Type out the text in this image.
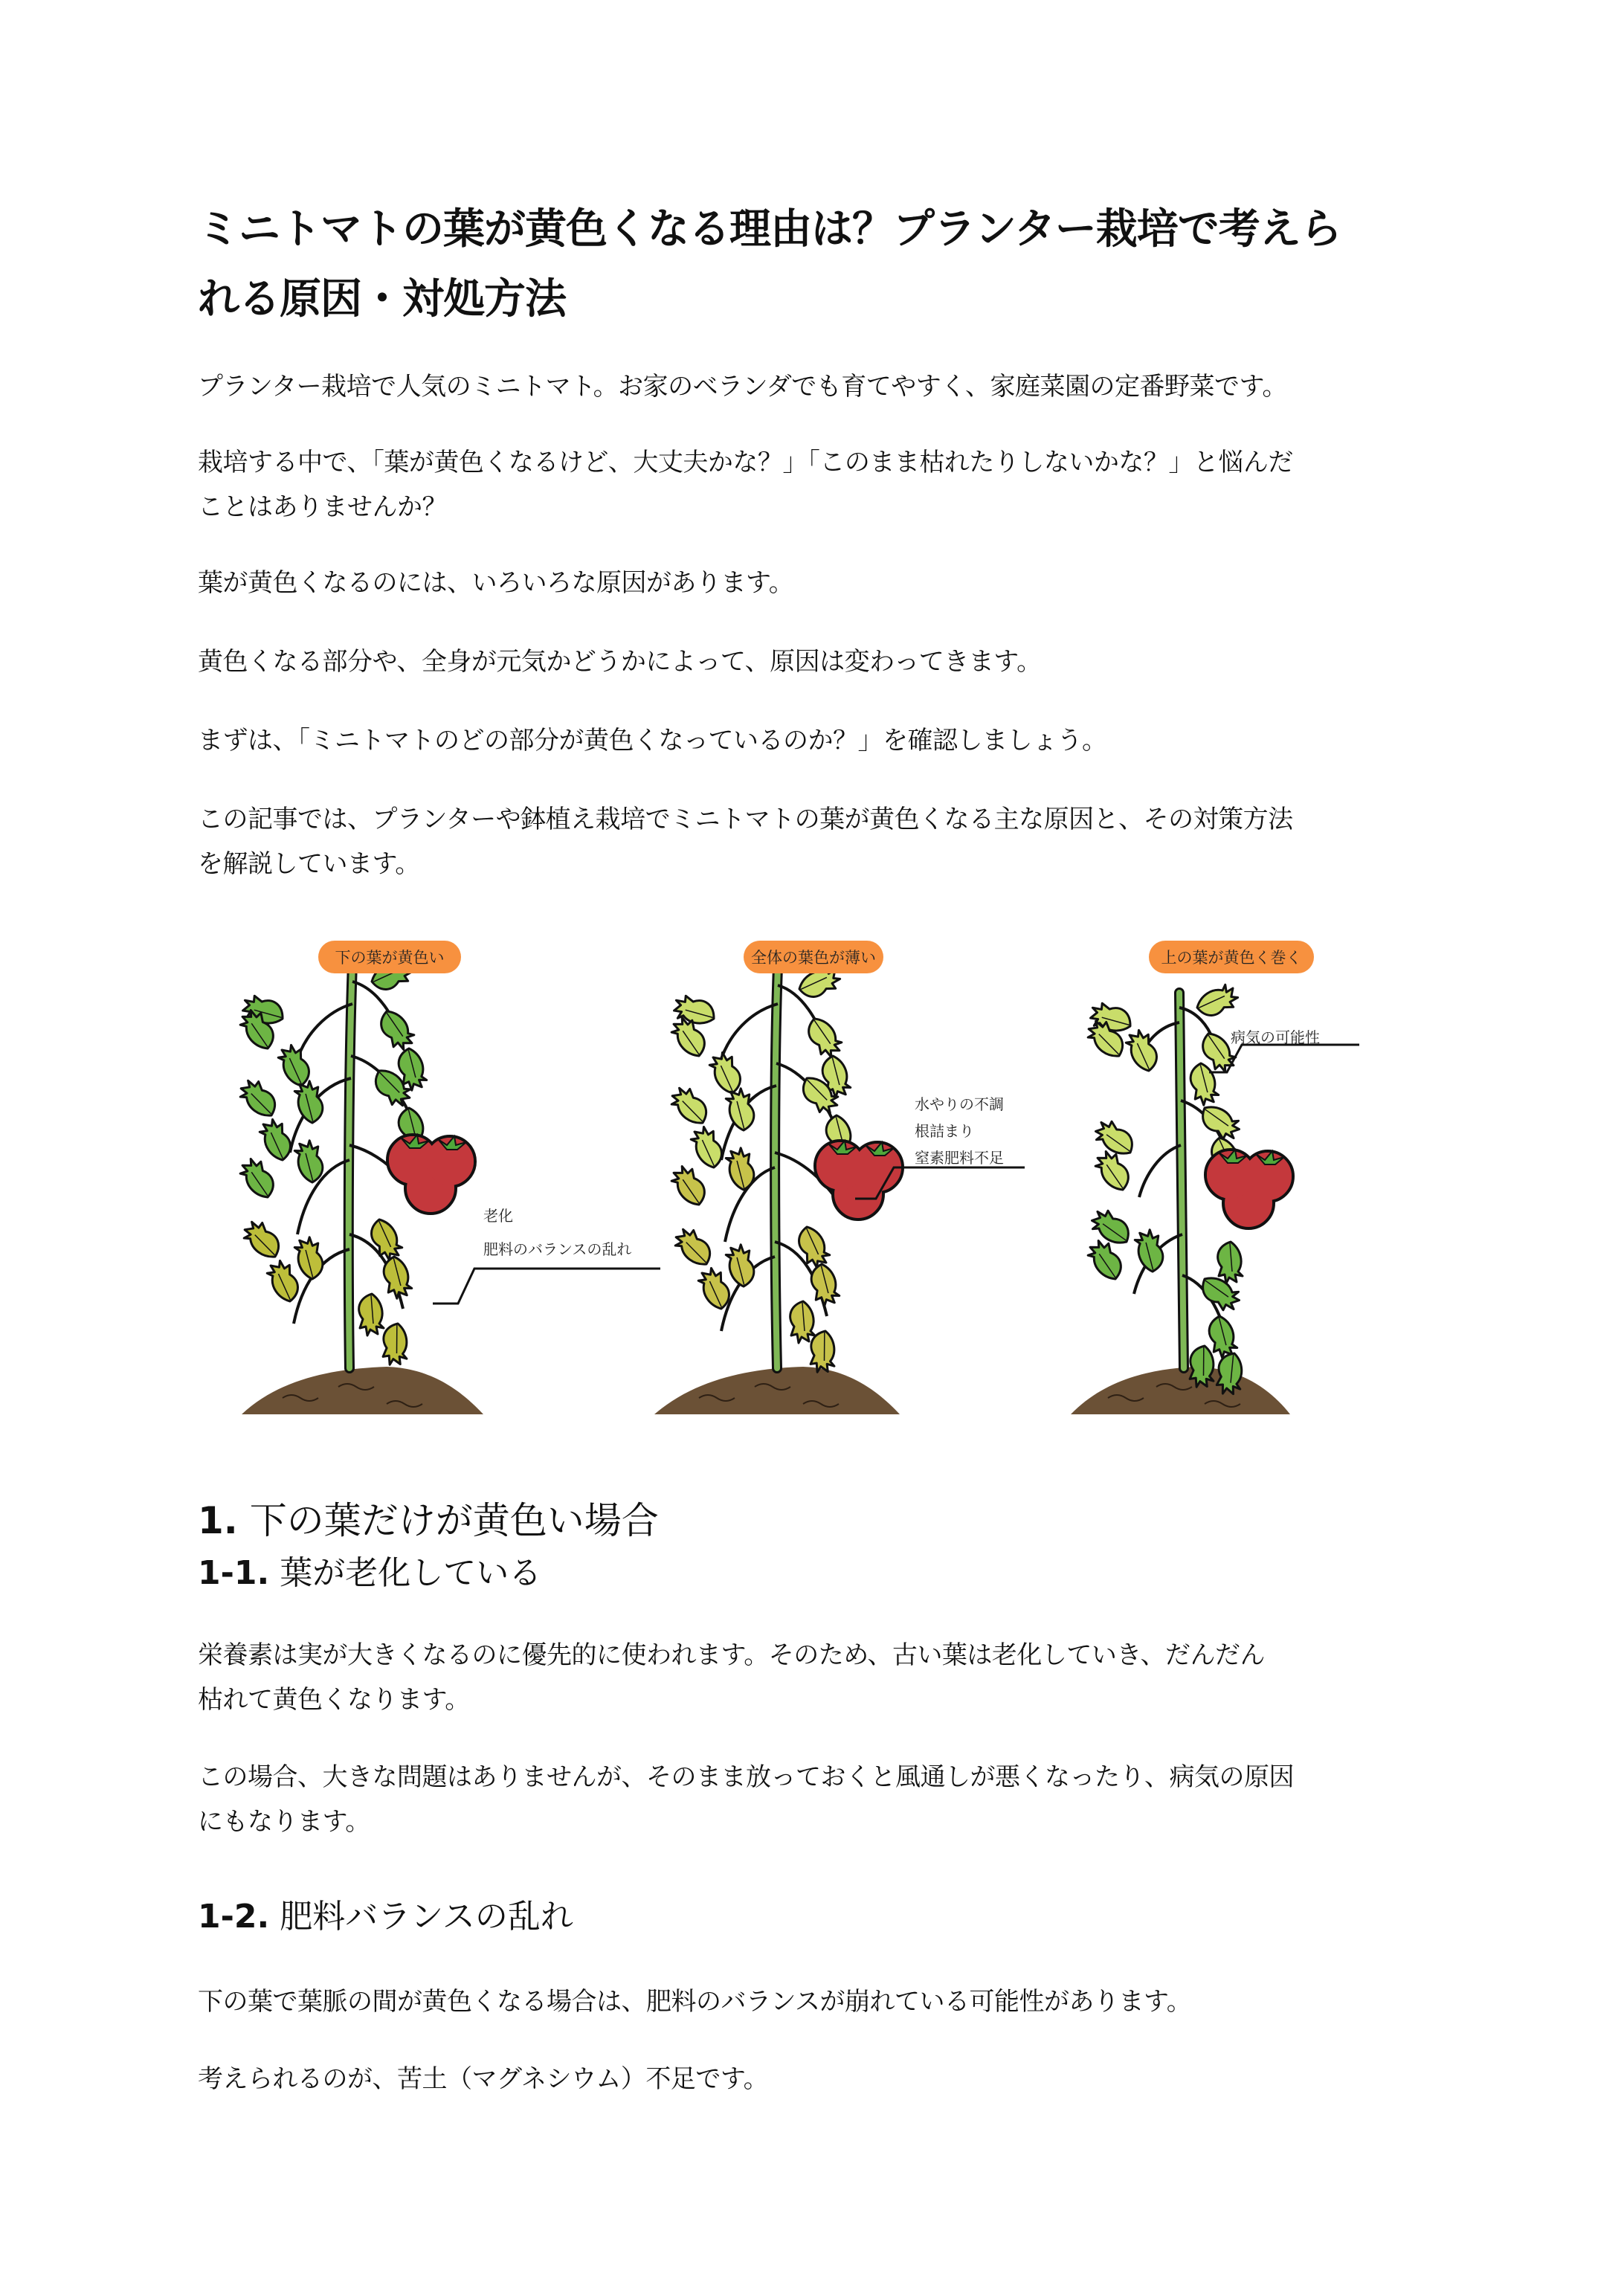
ミニトマトの葉が黄色くなる理由は？プランター栽培で考えら
れる原因・対処方法

プランター栽培で人気のミニトマト。お家のベランダでも育てやすく、家庭菜園の定番野菜です。

栽培する中で、「葉が黄色くなるけど、大丈夫かな？」「このまま枯れたりしないかな？」と悩んだ

ことはありませんか？

葉が黄色くなるのには、いろいろな原因があります。

黄色くなる部分や、全身が元気かどうかによって、原因は変わってきます。

まずは、「ミニトマトのどの部分が黄色くなっているのか？」を確認しましょう。

この記事では、プランターや鉢植え栽培でミニトマトの葉が黄色くなる主な原因と、その対策方法

を解説しています。

1. 下の葉だけが黄色い場合
1-1. 葉が老化している

栄養素は実が大きくなるのに優先的に使われます。そのため、古い葉は老化していき、だんだん

枯れて黄色くなります。

この場合、大きな問題はありませんが、そのまま放っておくと風通しが悪くなったり、病気の原因

にもなります。

1-2. 肥料バランスの乱れ

下の葉で葉脈の間が黄色くなる場合は、肥料のバランスが崩れている可能性があります。

考えられるのが、苦土（マグネシウム）不足です。

下の葉が黄色い
老化
肥料のバランスの乱れ
全体の葉色が薄い
水やりの不調
根詰まり
窒素肥料不足
上の葉が黄色く巻く
病気の可能性
